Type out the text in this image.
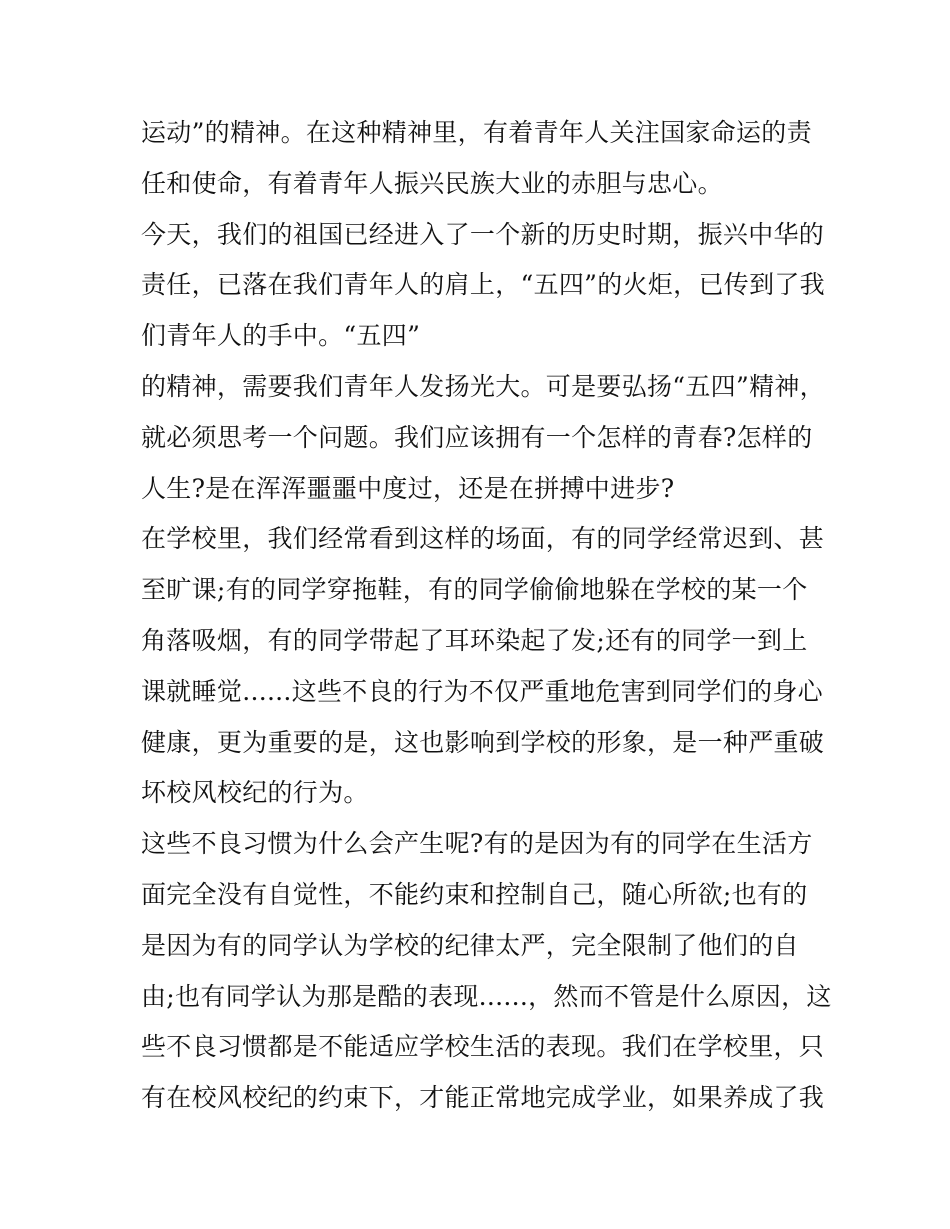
运动”的精神。在这种精神里，有着青年人关注国家命运的责
任和使命，有着青年人振兴民族大业的赤胆与忠心。
今天，我们的祖国已经进入了一个新的历史时期，振兴中华的
责任，已落在我们青年人的肩上，“五四”的火炬，已传到了我
们青年人的手中。“五四”
的精神，需要我们青年人发扬光大。可是要弘扬“五四”精神，
就必须思考一个问题。我们应该拥有一个怎样的青春?怎样的
人生?是在浑浑噩噩中度过，还是在拼搏中进步?
在学校里，我们经常看到这样的场面，有的同学经常迟到、甚
至旷课;有的同学穿拖鞋，有的同学偷偷地躲在学校的某一个
角落吸烟，有的同学带起了耳环染起了发;还有的同学一到上
课就睡觉......这些不良的行为不仅严重地危害到同学们的身心
健康，更为重要的是，这也影响到学校的形象，是一种严重破
坏校风校纪的行为。
这些不良习惯为什么会产生呢?有的是因为有的同学在生活方
面完全没有自觉性，不能约束和控制自己，随心所欲;也有的
是因为有的同学认为学校的纪律太严，完全限制了他们的自
由;也有同学认为那是酷的表现......，然而不管是什么原因，这
些不良习惯都是不能适应学校生活的表现。我们在学校里，只
有在校风校纪的约束下，才能正常地完成学业，如果养成了我
